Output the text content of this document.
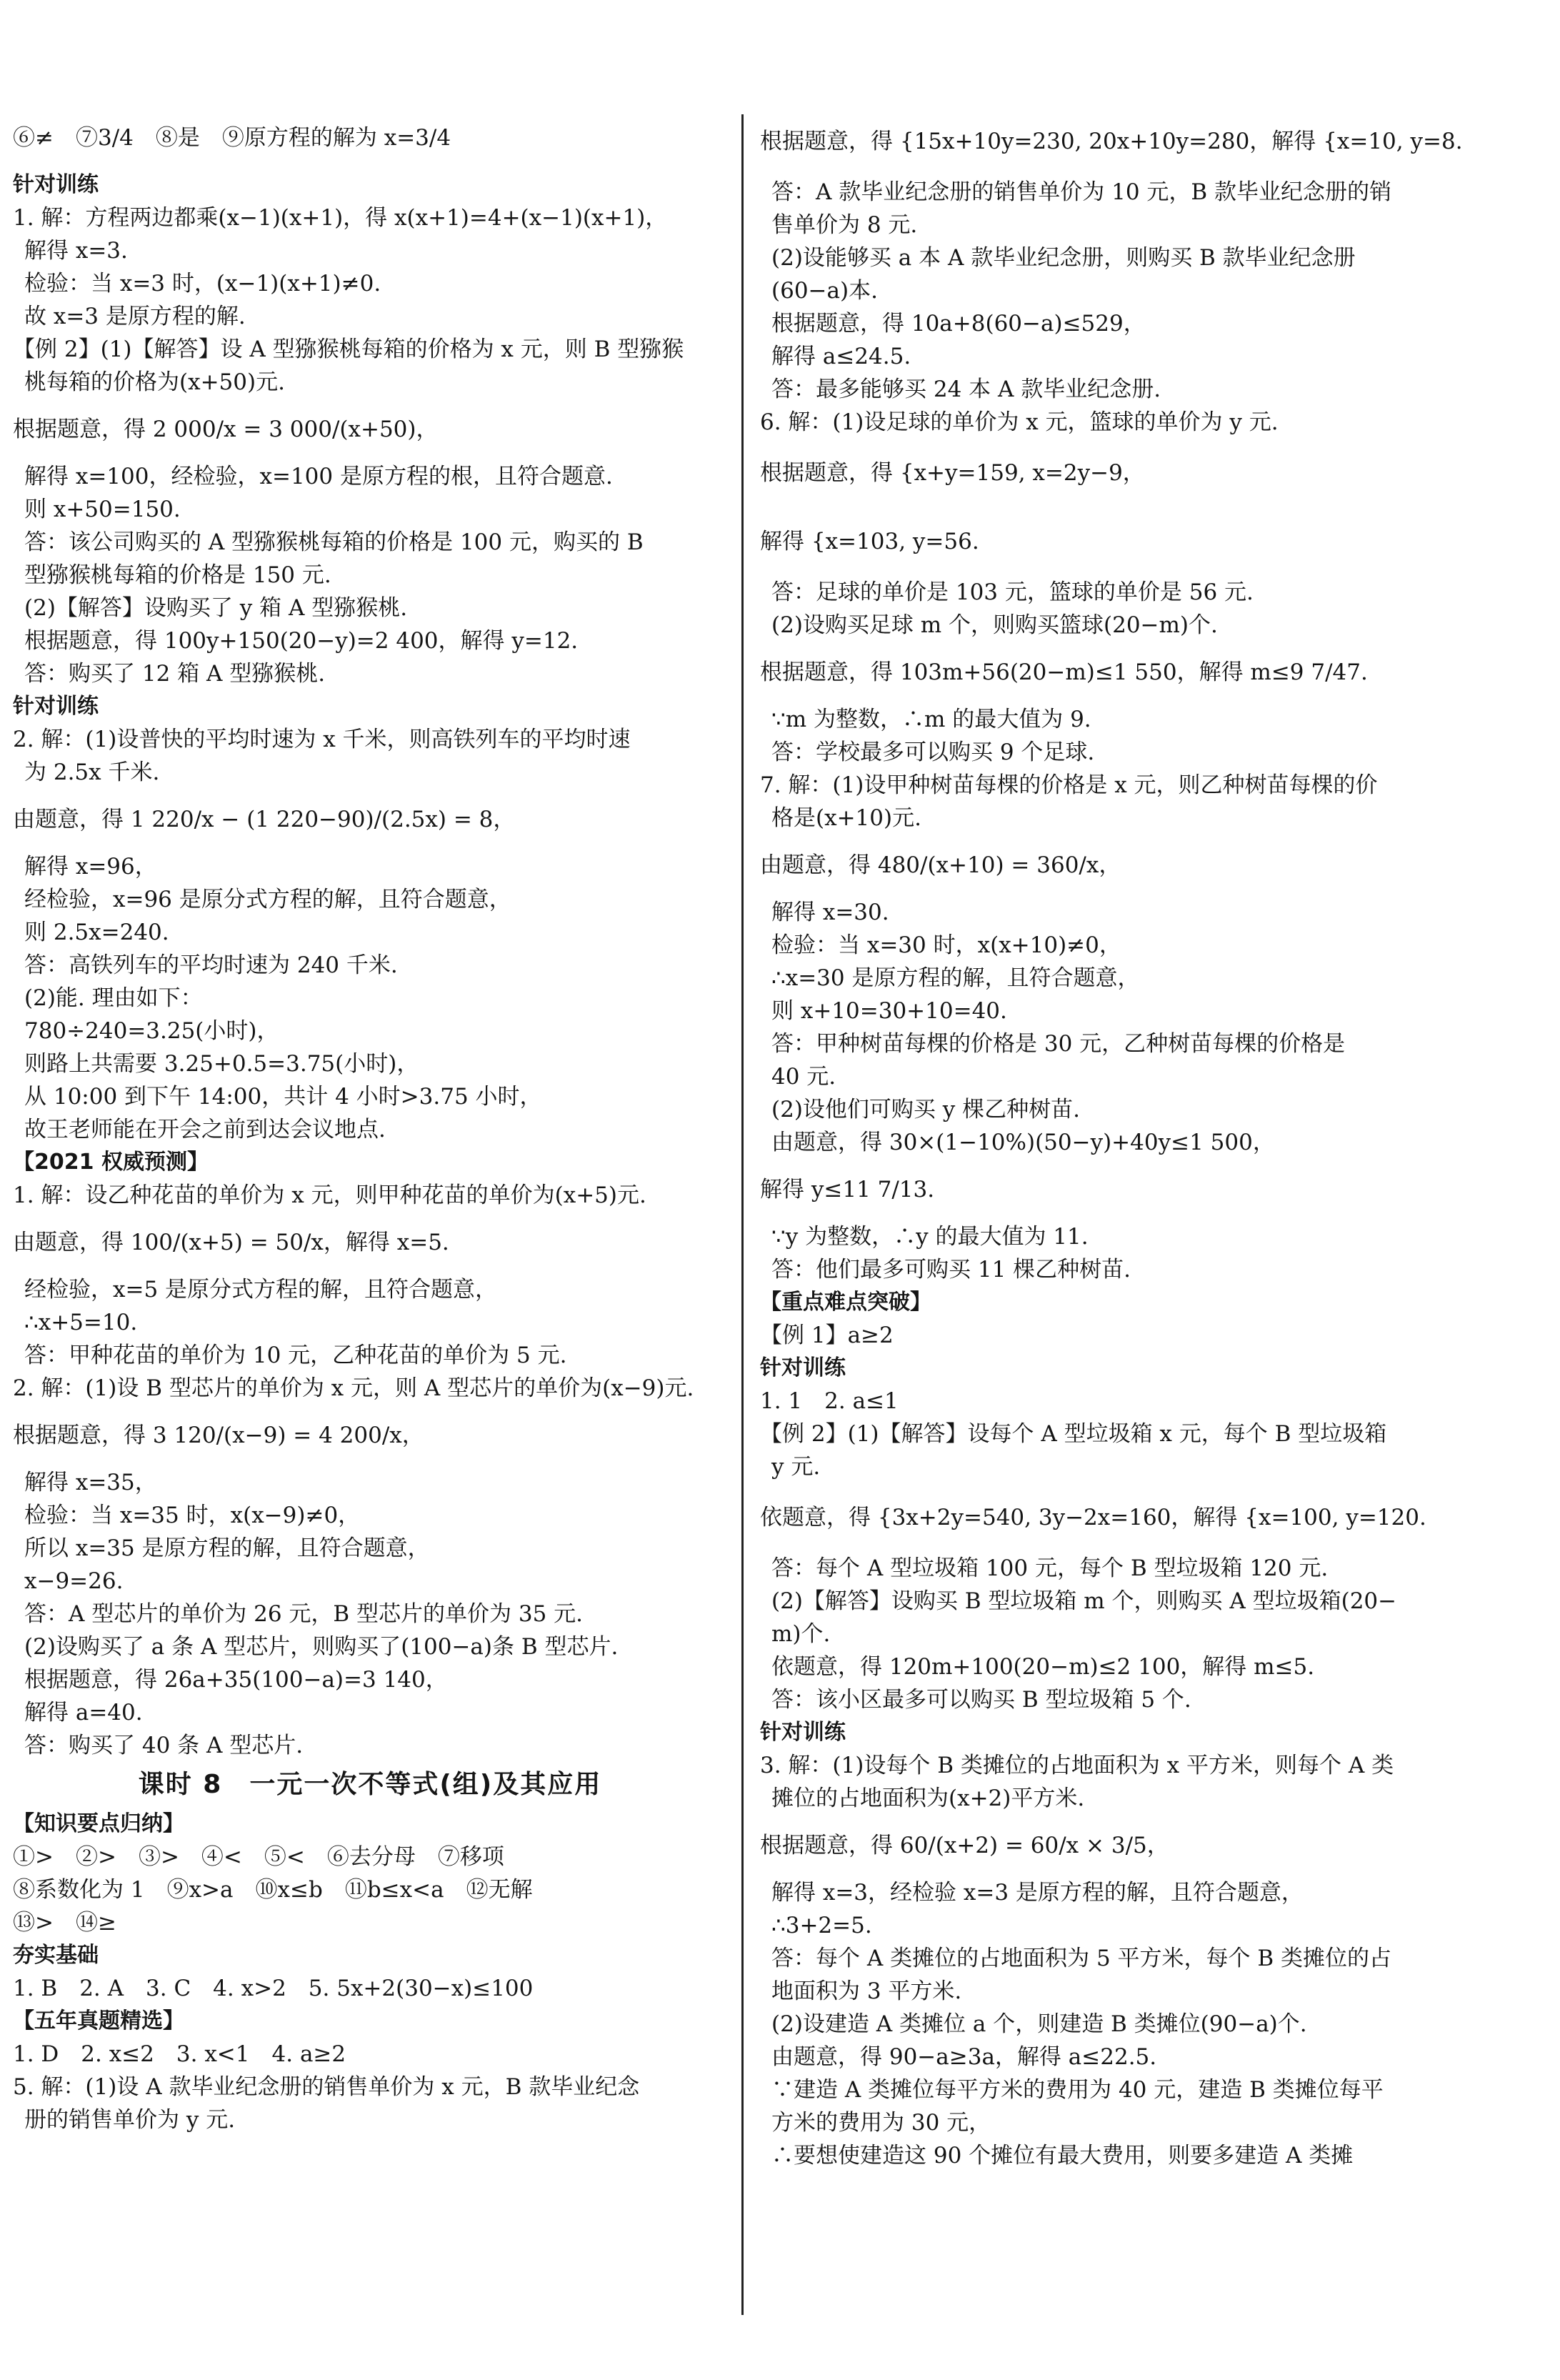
⑥≠　⑦3/4　⑧是　⑨原方程的解为 x=3/4
针对训练
1. 解：方程两边都乘(x−1)(x+1)，得 x(x+1)=4+(x−1)(x+1)，
解得 x=3.
检验：当 x=3 时，(x−1)(x+1)≠0.
故 x=3 是原方程的解.
【例 2】(1)【解答】设 A 型猕猴桃每箱的价格为 x 元，则 B 型猕猴
桃每箱的价格为(x+50)元.
根据题意，得 2 000/x = 3 000/(x+50)，
解得 x=100，经检验，x=100 是原方程的根，且符合题意.
则 x+50=150.
答：该公司购买的 A 型猕猴桃每箱的价格是 100 元，购买的 B
型猕猴桃每箱的价格是 150 元.
(2)【解答】设购买了 y 箱 A 型猕猴桃.
根据题意，得 100y+150(20−y)=2 400，解得 y=12.
答：购买了 12 箱 A 型猕猴桃.
针对训练
2. 解：(1)设普快的平均时速为 x 千米，则高铁列车的平均时速
为 2.5x 千米.
由题意，得 1 220/x − (1 220−90)/(2.5x) = 8，
解得 x=96，
经检验，x=96 是原分式方程的解，且符合题意，
则 2.5x=240.
答：高铁列车的平均时速为 240 千米.
(2)能. 理由如下：
780÷240=3.25(小时)，
则路上共需要 3.25+0.5=3.75(小时)，
从 10:00 到下午 14:00，共计 4 小时>3.75 小时，
故王老师能在开会之前到达会议地点.
【2021 权威预测】
1. 解：设乙种花苗的单价为 x 元，则甲种花苗的单价为(x+5)元.
由题意，得 100/(x+5) = 50/x，解得 x=5.
经检验，x=5 是原分式方程的解，且符合题意，
∴x+5=10.
答：甲种花苗的单价为 10 元，乙种花苗的单价为 5 元.
2. 解：(1)设 B 型芯片的单价为 x 元，则 A 型芯片的单价为(x−9)元.
根据题意，得 3 120/(x−9) = 4 200/x，
解得 x=35，
检验：当 x=35 时，x(x−9)≠0，
所以 x=35 是原方程的解，且符合题意，
x−9=26.
答：A 型芯片的单价为 26 元，B 型芯片的单价为 35 元.
(2)设购买了 a 条 A 型芯片，则购买了(100−a)条 B 型芯片.
根据题意，得 26a+35(100−a)=3 140，
解得 a=40.
答：购买了 40 条 A 型芯片.
课时 8　一元一次不等式(组)及其应用
【知识要点归纳】
①>　②>　③>　④<　⑤<　⑥去分母　⑦移项
⑧系数化为 1　⑨x>a　⑩x≤b　⑪b≤x<a　⑫无解
⑬>　⑭≥
夯实基础
1. B　2. A　3. C　4. x>2　5. 5x+2(30−x)≤100
【五年真题精选】
1. D　2. x≤2　3. x<1　4. a≥2
5. 解：(1)设 A 款毕业纪念册的销售单价为 x 元，B 款毕业纪念
册的销售单价为 y 元.
根据题意，得 {15x+10y=230, 20x+10y=280，解得 {x=10, y=8.
答：A 款毕业纪念册的销售单价为 10 元，B 款毕业纪念册的销
售单价为 8 元.
(2)设能够买 a 本 A 款毕业纪念册，则购买 B 款毕业纪念册
(60−a)本.
根据题意，得 10a+8(60−a)≤529，
解得 a≤24.5.
答：最多能够买 24 本 A 款毕业纪念册.
6. 解：(1)设足球的单价为 x 元，篮球的单价为 y 元.
根据题意，得 {x+y=159, x=2y−9，
解得 {x=103, y=56.
答：足球的单价是 103 元，篮球的单价是 56 元.
(2)设购买足球 m 个，则购买篮球(20−m)个.
根据题意，得 103m+56(20−m)≤1 550，解得 m≤9 7/47.
∵m 为整数，∴m 的最大值为 9.
答：学校最多可以购买 9 个足球.
7. 解：(1)设甲种树苗每棵的价格是 x 元，则乙种树苗每棵的价
格是(x+10)元.
由题意，得 480/(x+10) = 360/x，
解得 x=30.
检验：当 x=30 时，x(x+10)≠0，
∴x=30 是原方程的解，且符合题意，
则 x+10=30+10=40.
答：甲种树苗每棵的价格是 30 元，乙种树苗每棵的价格是
40 元.
(2)设他们可购买 y 棵乙种树苗.
由题意，得 30×(1−10%)(50−y)+40y≤1 500，
解得 y≤11 7/13.
∵y 为整数，∴y 的最大值为 11.
答：他们最多可购买 11 棵乙种树苗.
【重点难点突破】
【例 1】a≥2
针对训练
1. 1　2. a≤1
【例 2】(1)【解答】设每个 A 型垃圾箱 x 元，每个 B 型垃圾箱
y 元.
依题意，得 {3x+2y=540, 3y−2x=160，解得 {x=100, y=120.
答：每个 A 型垃圾箱 100 元，每个 B 型垃圾箱 120 元.
(2)【解答】设购买 B 型垃圾箱 m 个，则购买 A 型垃圾箱(20−
m)个.
依题意，得 120m+100(20−m)≤2 100，解得 m≤5.
答：该小区最多可以购买 B 型垃圾箱 5 个.
针对训练
3. 解：(1)设每个 B 类摊位的占地面积为 x 平方米，则每个 A 类
摊位的占地面积为(x+2)平方米.
根据题意，得 60/(x+2) = 60/x × 3/5，
解得 x=3，经检验 x=3 是原方程的解，且符合题意，
∴3+2=5.
答：每个 A 类摊位的占地面积为 5 平方米，每个 B 类摊位的占
地面积为 3 平方米.
(2)设建造 A 类摊位 a 个，则建造 B 类摊位(90−a)个.
由题意，得 90−a≥3a，解得 a≤22.5.
∵建造 A 类摊位每平方米的费用为 40 元，建造 B 类摊位每平
方米的费用为 30 元，
∴要想使建造这 90 个摊位有最大费用，则要多建造 A 类摊
